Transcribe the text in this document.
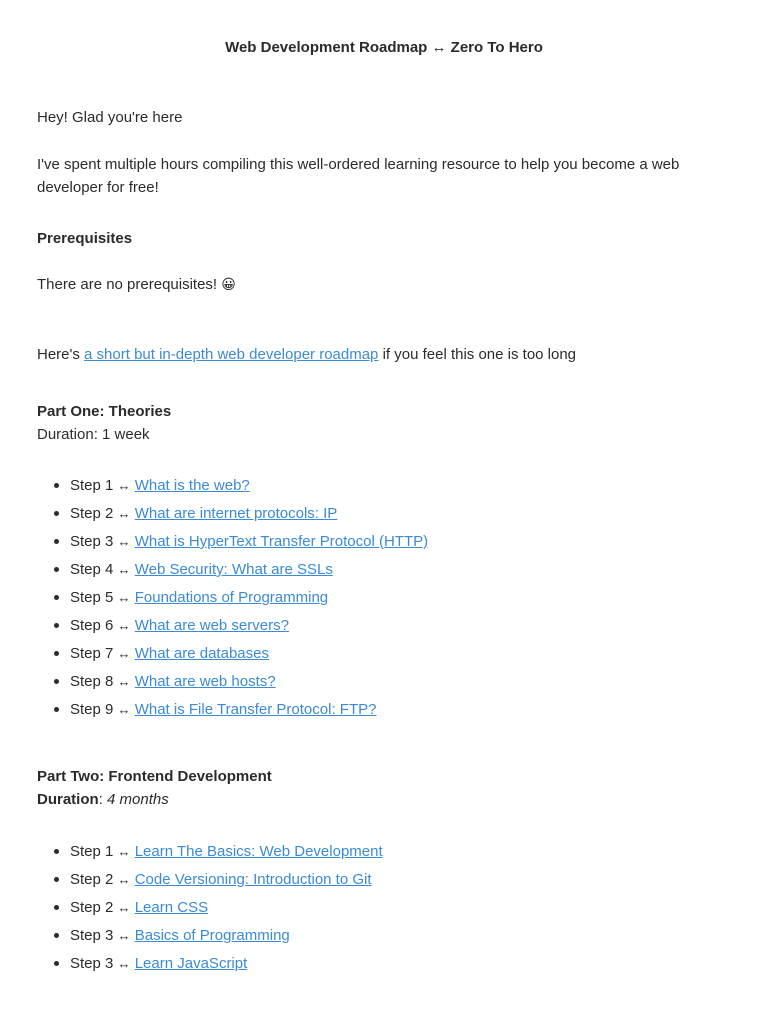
Web Development Roadmap ↔ Zero To Hero

Hey! Glad you're here

I've spent multiple hours compiling this well-ordered learning resource to help you become a web developer for free!

Prerequisites
There are no prerequisites! 😀
Here's a short but in-depth web developer roadmap if you feel this one is too long

Part One: Theories

Duration: 1 week

Step 1 ↔ What is the web?
Step 2 ↔ What are internet protocols: IP
Step 3 ↔ What is HyperText Transfer Protocol (HTTP)
Step 4 ↔ Web Security: What are SSLs
Step 5 ↔ Foundations of Programming
Step 6 ↔ What are web servers?
Step 7 ↔ What are databases
Step 8 ↔ What are web hosts?
Step 9 ↔ What is File Transfer Protocol: FTP?

Part Two: Frontend Development

Duration: 4 months

Step 1 ↔ Learn The Basics: Web Development
Step 2 ↔ Code Versioning: Introduction to Git
Step 2 ↔ Learn CSS
Step 3 ↔ Basics of Programming
Step 3 ↔ Learn JavaScript
